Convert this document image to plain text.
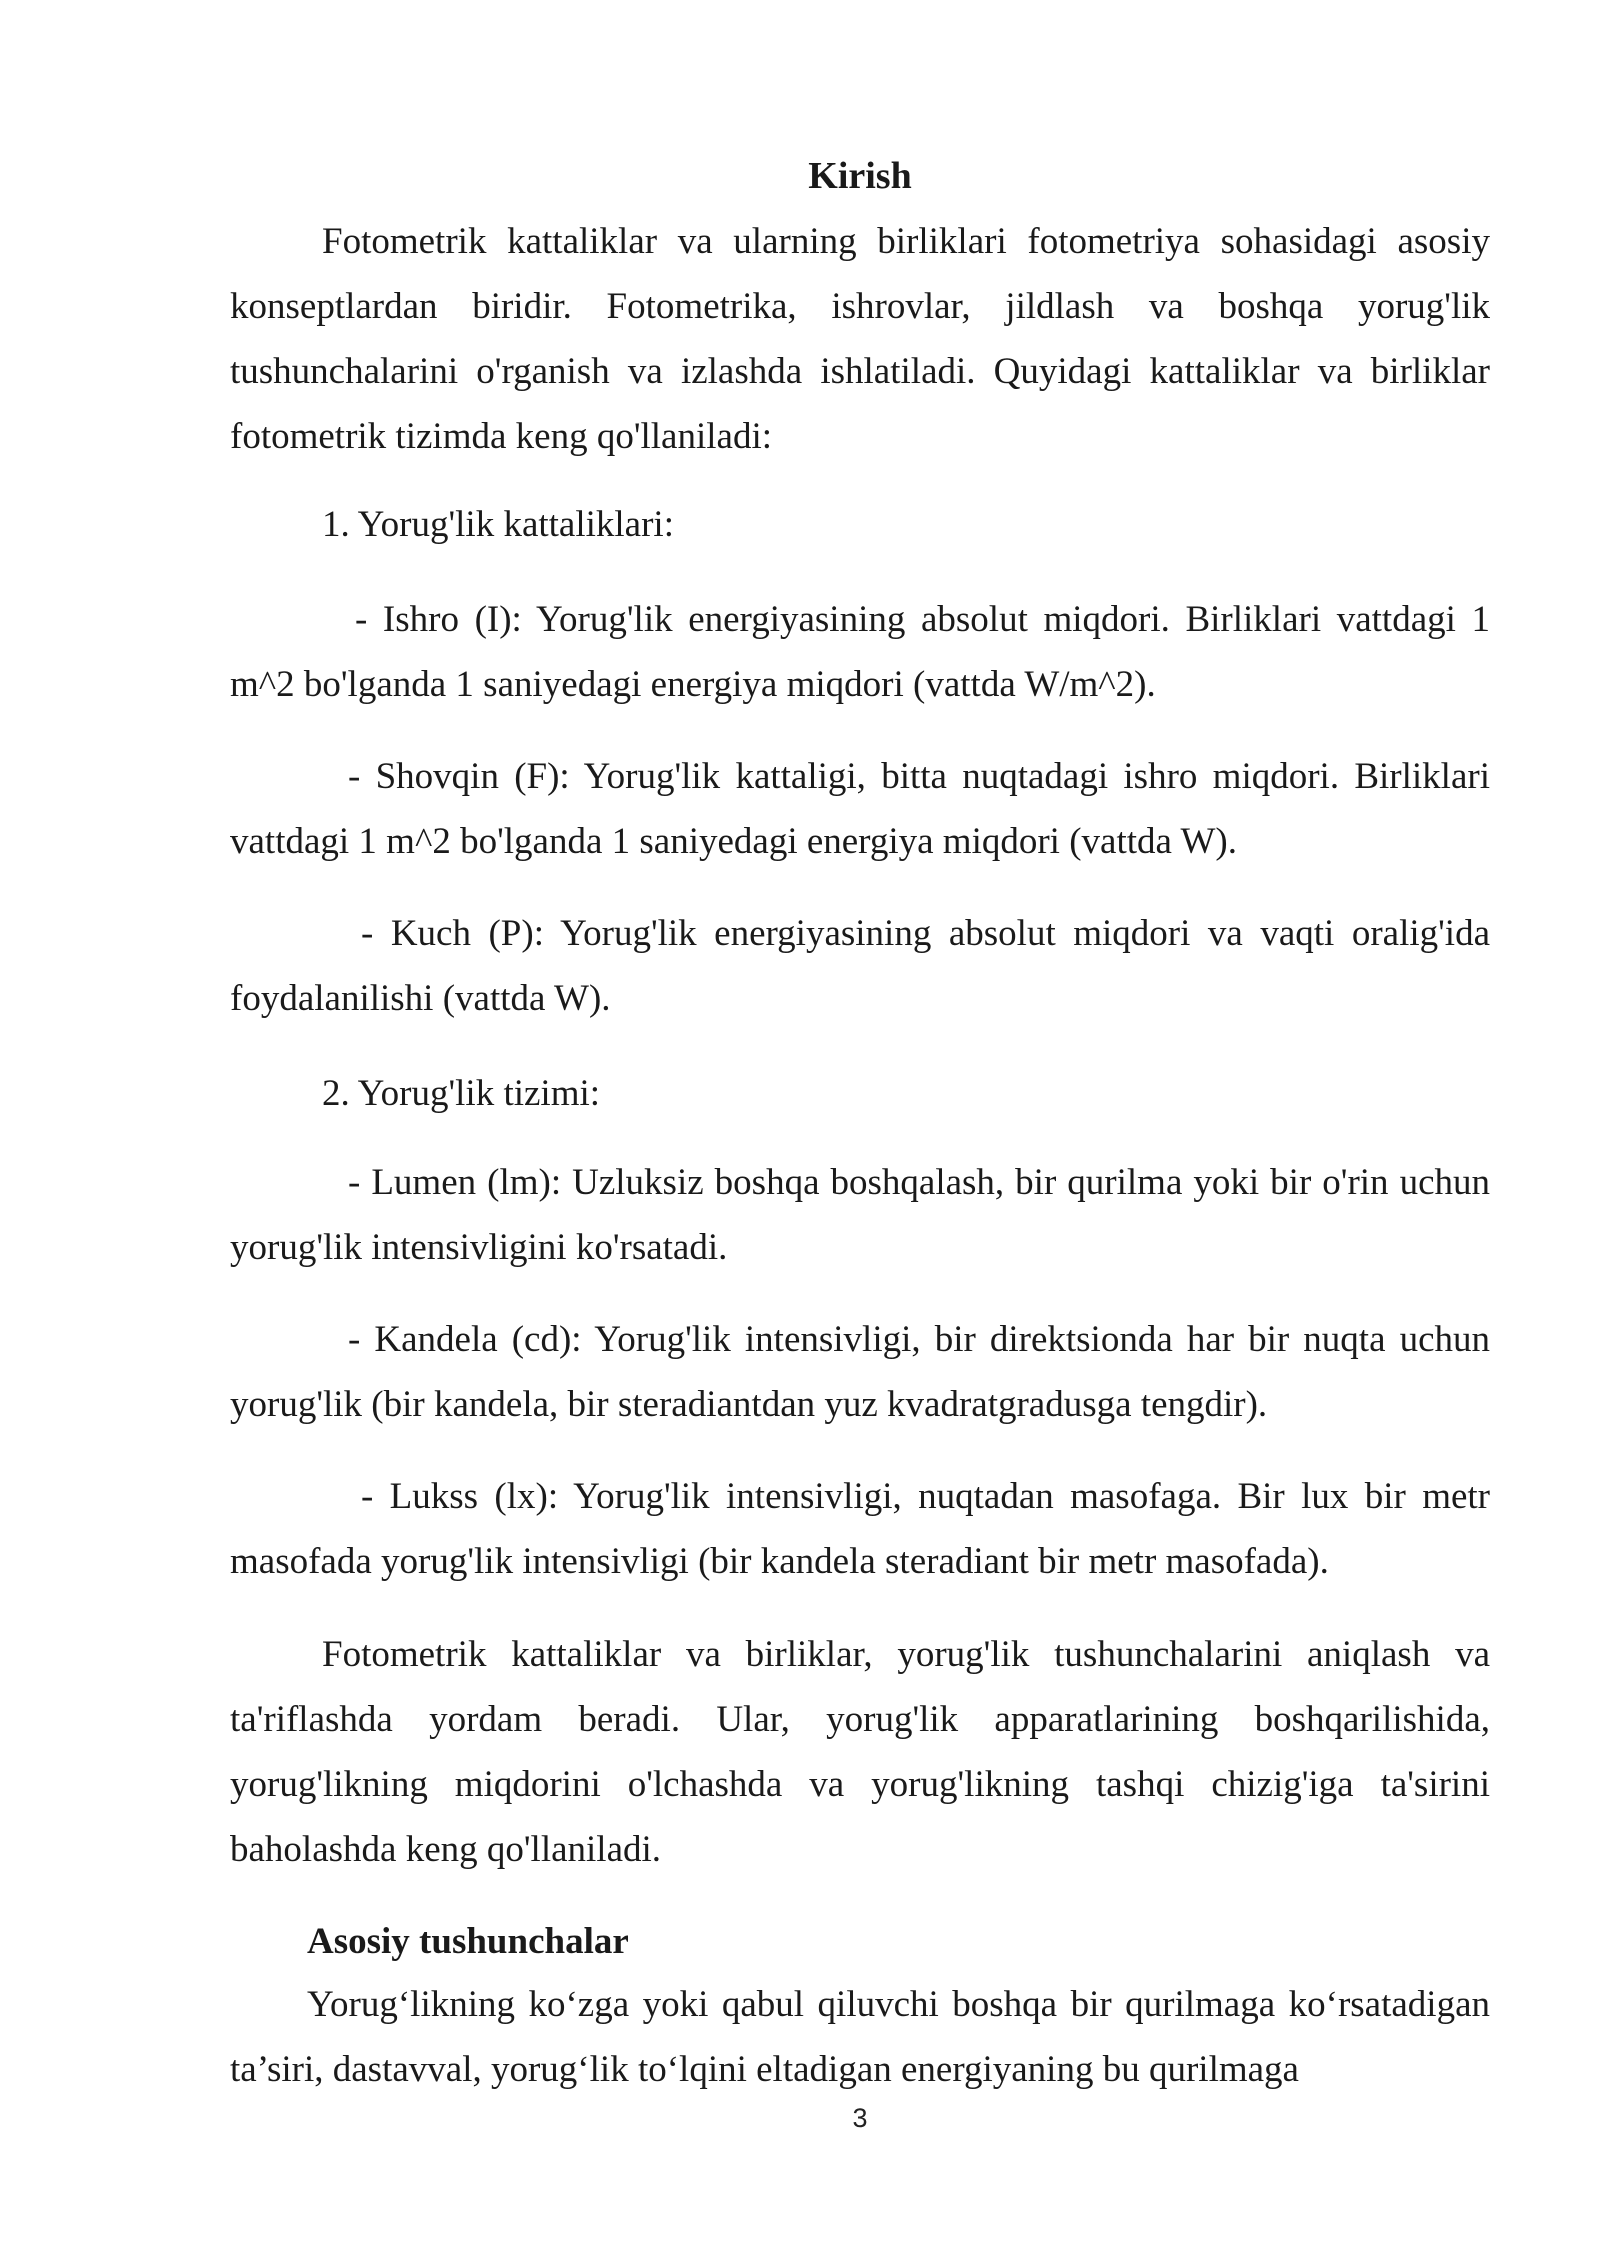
Kirish

Fotometrik kattaliklar va ularning birliklari fotometriya sohasidagi asosiy konseptlardan biridir. Fotometrika, ishrovlar, jildlash va boshqa yorug'lik tushunchalarini o'rganish va izlashda ishlatiladi. Quyidagi kattaliklar va birliklar fotometrik tizimda keng qo'llaniladi:

1. Yorug'lik kattaliklari:

- Ishro (I): Yorug'lik energiyasining absolut miqdori. Birliklari vattdagi 1 m^2 bo'lganda 1 saniyedagi energiya miqdori (vattda W/m^2).

- Shovqin (F): Yorug'lik kattaligi, bitta nuqtadagi ishro miqdori. Birliklari vattdagi 1 m^2 bo'lganda 1 saniyedagi energiya miqdori (vattda W).

- Kuch (P): Yorug'lik energiyasining absolut miqdori va vaqti oralig'ida foydalanilishi (vattda W).

2. Yorug'lik tizimi:

- Lumen (lm): Uzluksiz boshqa boshqalash, bir qurilma yoki bir o'rin uchun yorug'lik intensivligini ko'rsatadi.

- Kandela (cd): Yorug'lik intensivligi, bir direktsionda har bir nuqta uchun yorug'lik (bir kandela, bir steradiantdan yuz kvadratgradusga tengdir).

- Lukss (lx): Yorug'lik intensivligi, nuqtadan masofaga. Bir lux bir metr masofada yorug'lik intensivligi (bir kandela steradiant bir metr masofada).

Fotometrik kattaliklar va birliklar, yorug'lik tushunchalarini aniqlash va ta'riflashda yordam beradi. Ular, yorug'lik apparatlarining boshqarilishida, yorug'likning miqdorini o'lchashda va yorug'likning tashqi chizig'iga ta'sirini baholashda keng qo'llaniladi.

Asosiy tushunchalar

Yorug‘likning ko‘zga yoki qabul qiluvchi boshqa bir qurilmaga ko‘rsatadigan ta’siri, dastavval, yorug‘lik to‘lqini eltadigan energiyaning bu qurilmaga

3
